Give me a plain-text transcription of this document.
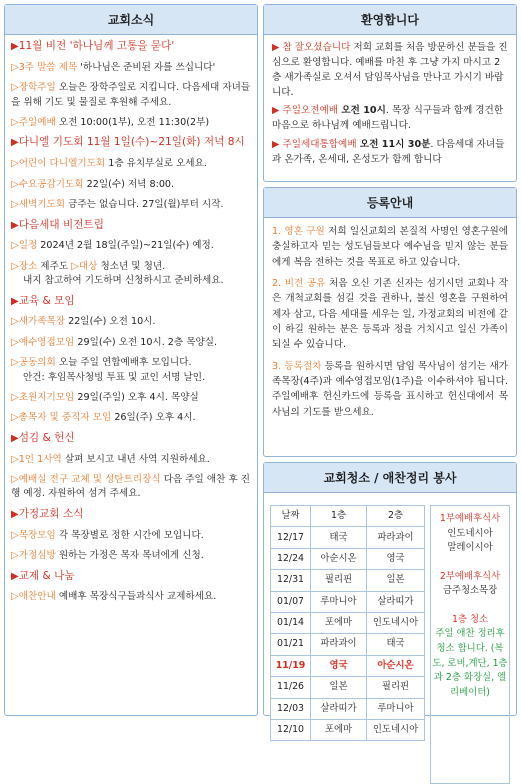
교회소식
▶11월 비전 '하나님께 고통을 묻다'
▷3주 말씀 제목 '하나님은 준비된 자를 쓰십니다'
▷장학주일 오늘은 장학주일로 지킵니다. 다음세대 자녀들을 위해 기도 및 물질로 후원해 주세요.
▷주일예배 오전 10:00(1부), 오전 11:30(2부)
▶다니엘 기도회 11월 1일(수)~21일(화) 저녁 8시
▷어린이 다니엘기도회 1층 유치부실로 오세요.
▷수요공감기도회 22일(수) 저녁 8:00.
▷새벽기도회 금주는 없습니다. 27일(월)부터 시작.
▶다음세대 비전트립
▷일정 2024년 2월 18일(주일)~21일(수) 예정.
▷장소 제주도 ▷대상 청소년 및 청년.
내지 참고하여 기도하며 신청하시고 준비하세요.
▶교육 & 모임
▷새가족목장 22일(수) 오전 10시.
▷예수영접모임 29일(수) 오전 10시. 2층 목양실.
▷공동의회 오늘 주일 연합예배후 모입니다.
안건: 후임목사청빙 투표 및 교인 서명 날인.
▷초원지기모임 29일(주일) 오후 4시. 목양실
▷총목자 및 중직자 모임 26일(주) 오후 4시.
▶섬김 & 헌신
▷1인 1사역 살펴 보시고 내년 사역 지원하세요.
▷예배실 전구 교체 및 성탄트리장식 다음 주일 애찬 후 진행 예정. 자원하여 섬겨 주세요.
▶가정교회 소식
▷목장모임 각 목장별로 정한 시간에 모입니다.
▷가정심방 원하는 가정은 목자 목녀에게 신청.
▶교제 & 나눔
▷애찬안내 예배후 목장식구들과식사 교제하세요.
환영합니다

▶ 참 잘오셨습니다 저희 교회를 처음 방문하신 분들을 진심으로 환영합니다. 예배를 마친 후 그냥 가지 마시고 2층 새가족실로 오셔서 담임목사님을 만나고 가시기 바랍니다.

▶ 주일오전예배 오전 10시. 목장 식구들과 함께 경건한 마음으로 하나님께 예배드립니다.

▶ 주일세대통합예배 오전 11시 30분. 다음세대 자녀들과 온가족, 온세대, 온성도가 함께 합니다

등록안내

1. 영혼 구원 저희 일신교회의 본질적 사명인 영혼구원에 충실하고자 믿는 성도님들보다 예수님을 믿지 않는 분들에게 복음 전하는 것을 목표로 하고 있습니다.

2. 비전 공유 처음 오신 기존 신자는 섬기시던 교회나 작은 개척교회를 섬길 것을 권하나, 불신 영혼을 구원하여 제자 삼고, 다음 세대를 세우는 일, 가정교회의 비전에 같이 하길 원하는 분은 등록과 정을 거치시고 일신 가족이 되실 수 있습니다.

3. 등록절차 등록을 원하시면 담임 목사님이 섬기는 새가족목장(4주)과 예수영접모임(1주)을 이수하셔야 됩니다. 주일예배후 헌신카드에 등록을 표시하고 헌신대에서 목사님의 기도를 받으세요.

교회청소 / 애찬정리 봉사
날짜	1층	2층
12/17	태국	파라과이
12/24	아순시온	영국
12/31	필리핀	일본
01/07	루마니아	살라띠가
01/14	포에마	인도네시아
01/21	파라과이	태국
11/19	영국	아순시온
11/26	일본	필리핀
12/03	살라띠가	루마니아
12/10	포에마	인도네시아
1부예배후식사
인도네시아
말레이시아
2부예배후식사
금주청소목장
1층 청소
주일 애찬 정리후 청소 합니다. (복도, 로비,계단, 1층과 2층 화장실, 엘리베이터)
